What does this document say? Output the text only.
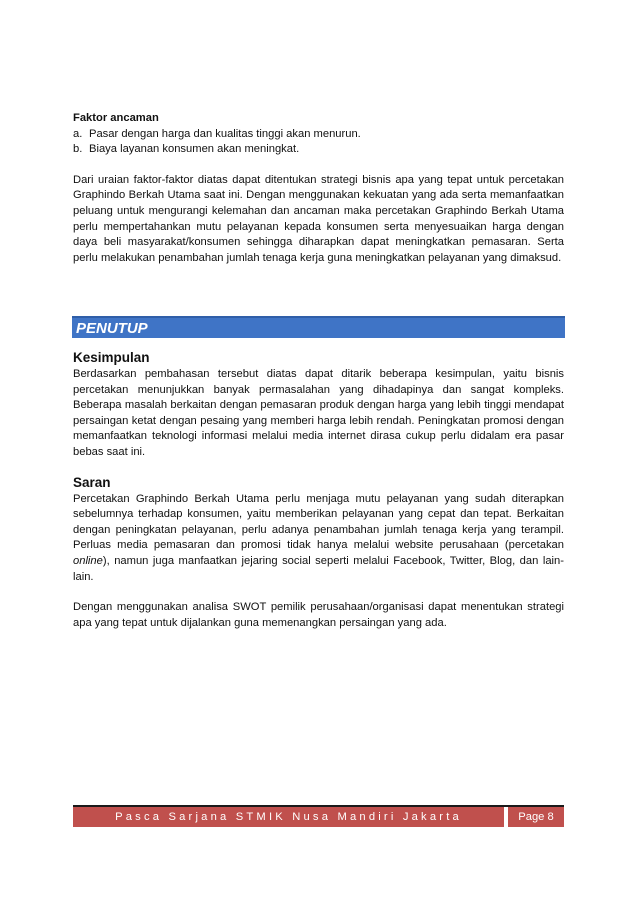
Faktor ancaman

a. Pasar dengan harga dan kualitas tinggi akan menurun.
b. Biaya layanan konsumen akan meningkat.

Dari uraian faktor-faktor diatas dapat ditentukan strategi bisnis apa yang tepat untuk percetakan Graphindo Berkah Utama saat ini. Dengan menggunakan kekuatan yang ada serta memanfaatkan peluang untuk mengurangi kelemahan dan ancaman maka percetakan Graphindo Berkah Utama perlu mempertahankan mutu pelayanan kepada konsumen serta menyesuaikan harga dengan daya beli masyarakat/konsumen sehingga diharapkan dapat meningkatkan pemasaran. Serta perlu melakukan penambahan jumlah tenaga kerja guna meningkatkan pelayanan yang dimaksud.

PENUTUP

Kesimpulan

Berdasarkan pembahasan tersebut diatas dapat ditarik beberapa kesimpulan, yaitu bisnis percetakan menunjukkan banyak permasalahan yang dihadapinya dan sangat kompleks. Beberapa masalah berkaitan dengan pemasaran produk dengan harga yang lebih tinggi mendapat persaingan ketat dengan pesaing yang memberi harga lebih rendah. Peningkatan promosi dengan memanfaatkan teknologi informasi melalui media internet dirasa cukup perlu didalam era pasar bebas saat ini.

Saran

Percetakan Graphindo Berkah Utama perlu menjaga mutu pelayanan yang sudah diterapkan sebelumnya terhadap konsumen, yaitu memberikan pelayanan yang cepat dan tepat. Berkaitan dengan peningkatan pelayanan, perlu adanya penambahan jumlah tenaga kerja yang terampil. Perluas media pemasaran dan promosi tidak hanya melalui website perusahaan (percetakan online), namun juga manfaatkan jejaring social seperti melalui Facebook, Twitter, Blog, dan lain-lain.

Dengan menggunakan analisa SWOT pemilik perusahaan/organisasi dapat menentukan strategi apa yang tepat untuk dijalankan guna memenangkan persaingan yang ada.

Pasca Sarjana STMIK Nusa Mandiri Jakarta	Page 8
